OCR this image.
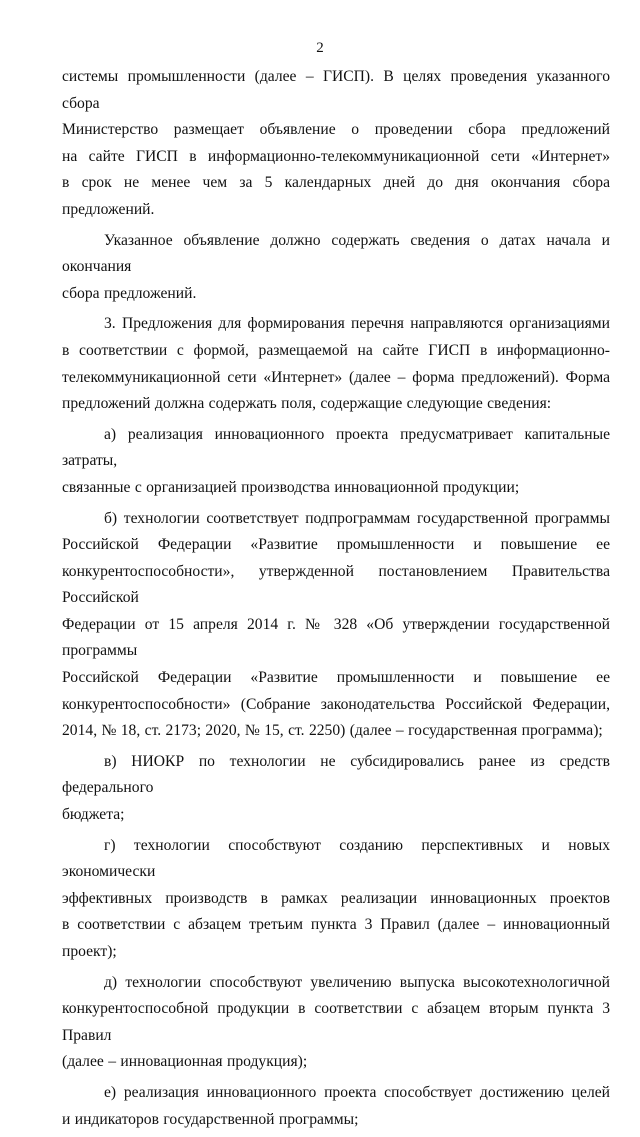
2

системы промышленности (далее – ГИСП). В целях проведения указанного сбора
Министерство размещает объявление о проведении сбора предложений
на сайте ГИСП в информационно-телекоммуникационной сети «Интернет»
в срок не менее чем за 5 календарных дней до дня окончания сбора предложений.

Указанное объявление должно содержать сведения о датах начала и окончания
сбора предложений.

3. Предложения для формирования перечня направляются организациями
в соответствии с формой, размещаемой на сайте ГИСП в информационно-
телекоммуникационной сети «Интернет» (далее – форма предложений). Форма
предложений должна содержать поля, содержащие следующие сведения:

а) реализация инновационного проекта предусматривает капитальные затраты,
связанные с организацией производства инновационной продукции;

б) технологии соответствует подпрограммам государственной программы
Российской Федерации «Развитие промышленности и повышение ее
конкурентоспособности», утвержденной постановлением Правительства Российской
Федерации от 15 апреля 2014 г. № 328 «Об утверждении государственной программы
Российской Федерации «Развитие промышленности и повышение ее
конкурентоспособности» (Собрание законодательства Российской Федерации,
2014, № 18, ст. 2173; 2020, № 15, ст. 2250) (далее – государственная программа);

в) НИОКР по технологии не субсидировались ранее из средств федерального
бюджета;

г) технологии способствуют созданию перспективных и новых экономически
эффективных производств в рамках реализации инновационных проектов
в соответствии с абзацем третьим пункта 3 Правил (далее – инновационный проект);

д) технологии способствуют увеличению выпуска высокотехнологичной
конкурентоспособной продукции в соответствии с абзацем вторым пункта 3 Правил
(далее – инновационная продукция);

е) реализация инновационного проекта способствует достижению целей
и индикаторов государственной программы;
